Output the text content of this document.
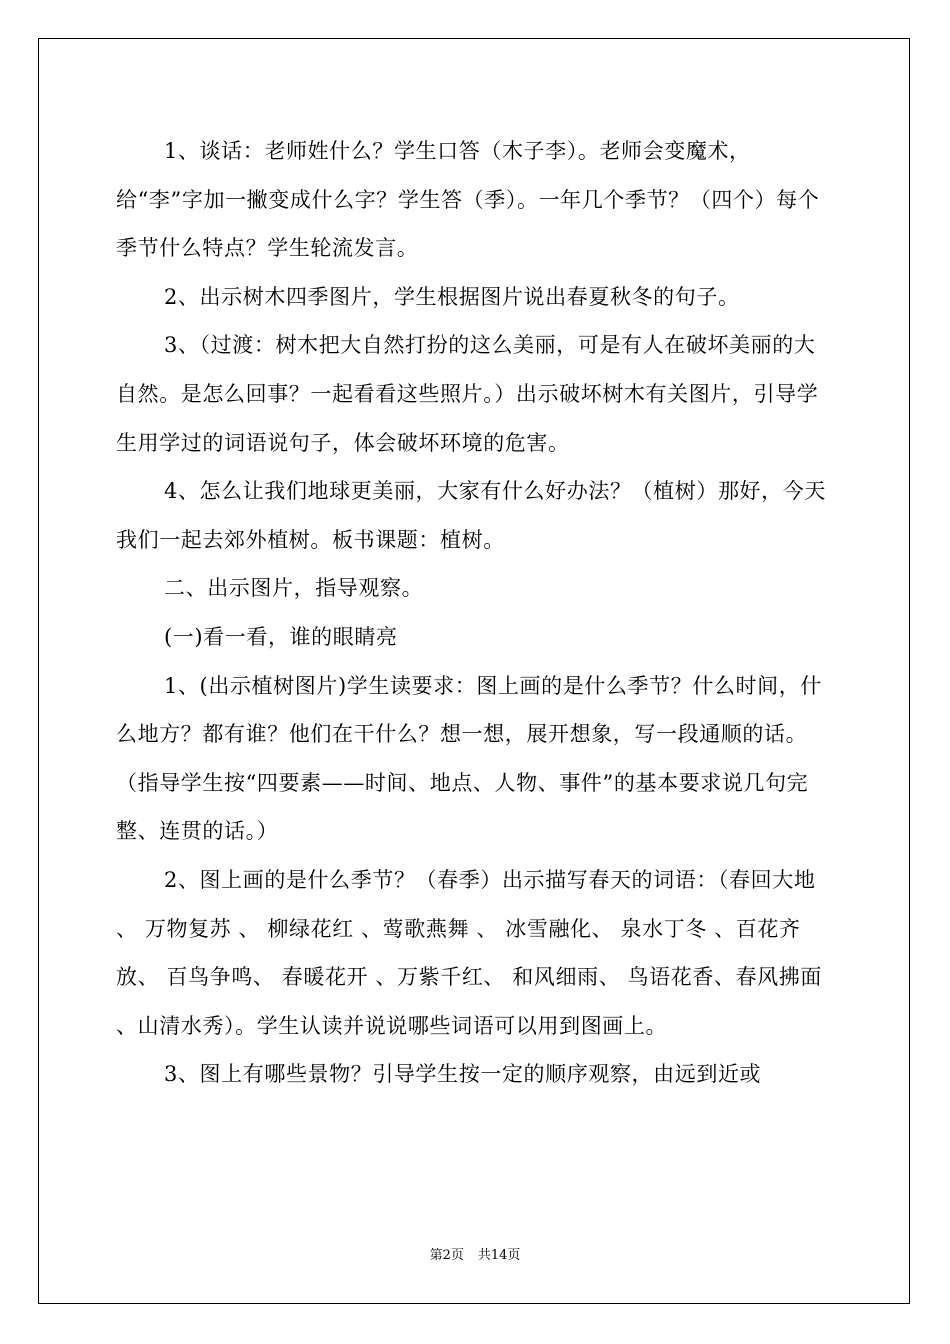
1、谈话：老师姓什么？学生口答（木子李）。老师会变魔术，给“李”字加一撇变成什么字？学生答（季）。一年几个季节？（四个）每个季节什么特点？学生轮流发言。

2、出示树木四季图片，学生根据图片说出春夏秋冬的句子。

3、（过渡：树木把大自然打扮的这么美丽，可是有人在破坏美丽的大自然。是怎么回事？一起看看这些照片。）出示破坏树木有关图片，引导学生用学过的词语说句子，体会破坏环境的危害。

4、怎么让我们地球更美丽，大家有什么好办法？（植树）那好，今天我们一起去郊外植树。板书课题：植树。

二、出示图片，指导观察。

(一)看一看，谁的眼睛亮

1、(出示植树图片)学生读要求：图上画的是什么季节？什么时间，什么地方？都有谁？他们在干什么？想一想，展开想象，写一段通顺的话。（指导学生按“四要素——时间、地点、人物、事件”的基本要求说几句完整、连贯的话。）

2、图上画的是什么季节？（春季）出示描写春天的词语：（春回大地 、 万物复苏 、 柳绿花红 、莺歌燕舞 、 冰雪融化、 泉水丁冬 、百花齐放、 百鸟争鸣、 春暖花开 、万紫千红、 和风细雨、 鸟语花香、春风拂面 、山清水秀）。学生认读并说说哪些词语可以用到图画上。

3、图上有哪些景物？引导学生按一定的顺序观察，由远到近或

第2页 共14页
